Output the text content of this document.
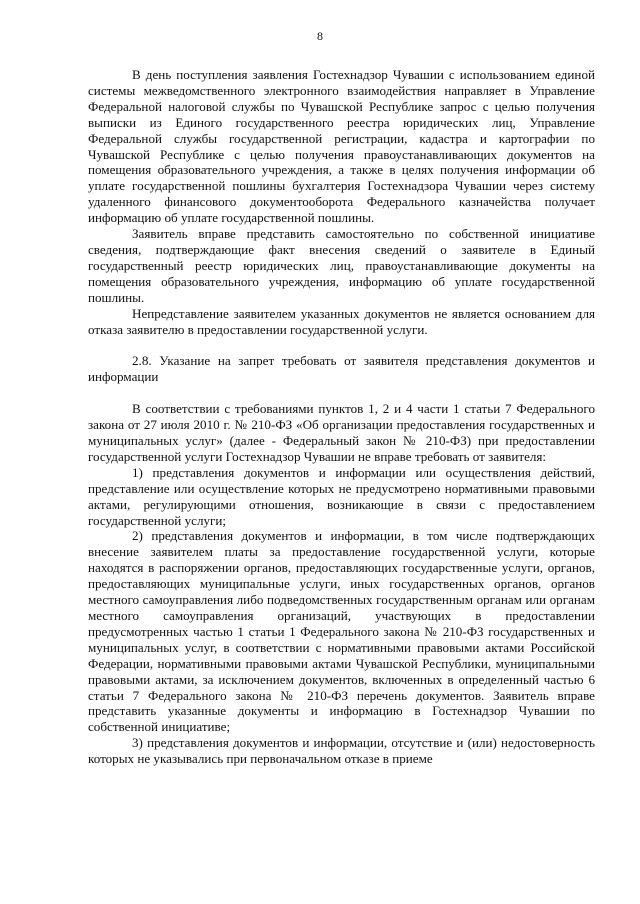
8

В день поступления заявления Гостехнадзор Чувашии с использованием единой системы межведомственного электронного взаимодействия направляет в Управление Федеральной налоговой службы по Чувашской Республике запрос с целью получения выписки из Единого государственного реестра юридических лиц, Управление Федеральной службы государственной регистрации, кадастра и картографии по Чувашской Республике с целью получения правоустанавливающих документов на помещения образовательного учреждения, а также в целях получения информации об уплате государственной пошлины бухгалтерия Гостехнадзора Чувашии через систему удаленного финансового документооборота Федерального казначейства получает информацию об уплате государственной пошлины.

Заявитель вправе представить самостоятельно по собственной инициативе сведения, подтверждающие факт внесения сведений о заявителе в Единый государственный реестр юридических лиц, правоустанавливающие документы на помещения образовательного учреждения, информацию об уплате государственной пошлины.

Непредставление заявителем указанных документов не является основанием для отказа заявителю в предоставлении государственной услуги.

2.8. Указание на запрет требовать от заявителя представления документов и информации

В соответствии с требованиями пунктов 1, 2 и 4 части 1 статьи 7 Федерального закона от 27 июля 2010 г. № 210-ФЗ «Об организации предоставления государственных и муниципальных услуг» (далее - Федеральный закон № 210-ФЗ) при предоставлении государственной услуги Гостехнадзор Чувашии не вправе требовать от заявителя:

1) представления документов и информации или осуществления действий, представление или осуществление которых не предусмотрено нормативными правовыми актами, регулирующими отношения, возникающие в связи с предоставлением государственной услуги;

2) представления документов и информации, в том числе подтверждающих внесение заявителем платы за предоставление государственной услуги, которые находятся в распоряжении органов, предоставляющих государственные услуги, органов, предоставляющих муниципальные услуги, иных государственных органов, органов местного самоуправления либо подведомственных государственным органам или органам местного самоуправления организаций, участвующих в предоставлении предусмотренных частью 1 статьи 1 Федерального закона № 210-ФЗ государственных и муниципальных услуг, в соответствии с нормативными правовыми актами Российской Федерации, нормативными правовыми актами Чувашской Республики, муниципальными правовыми актами, за исключением документов, включенных в определенный частью 6 статьи 7 Федерального закона № 210-ФЗ перечень документов. Заявитель вправе представить указанные документы и информацию в Гостехнадзор Чувашии по собственной инициативе;

3) представления документов и информации, отсутствие и (или) недостоверность которых не указывались при первоначальном отказе в приеме
